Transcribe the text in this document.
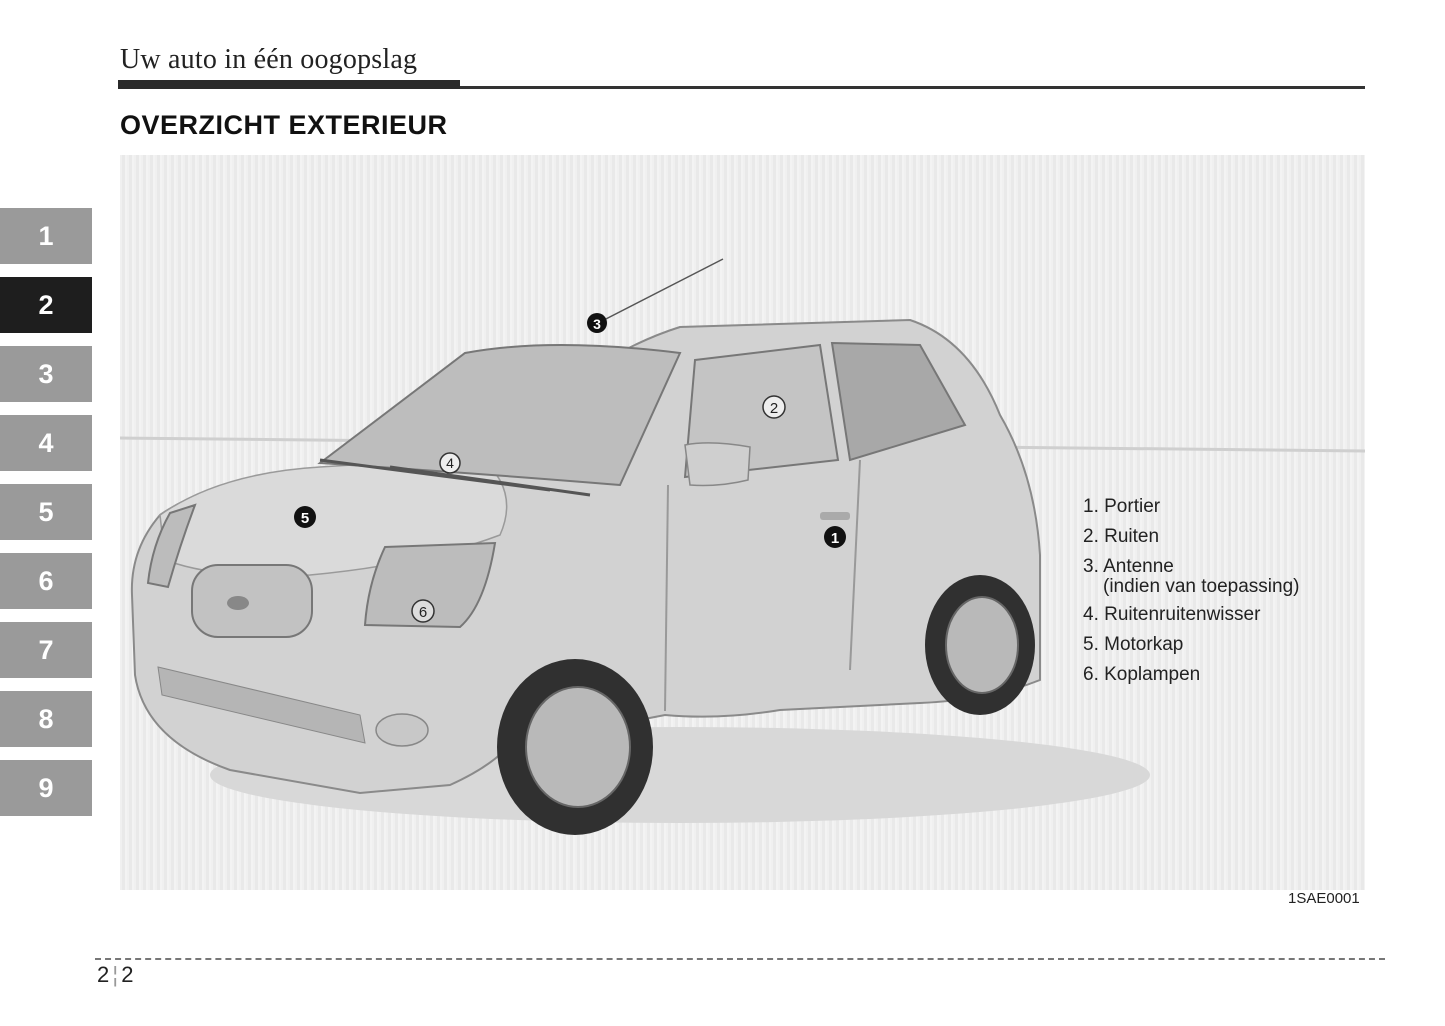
Uw auto in één oogopslag
OVERZICHT EXTERIEUR
1
2
3
4
5
6
7
8
9
1
2
3
4
5
6
1. Portier
2. Ruiten
3. Antenne
(indien van toepassing)
4. Ruitenruitenwisser
5. Motorkap
6. Koplampen
1SAE0001
2 ¦ 2
